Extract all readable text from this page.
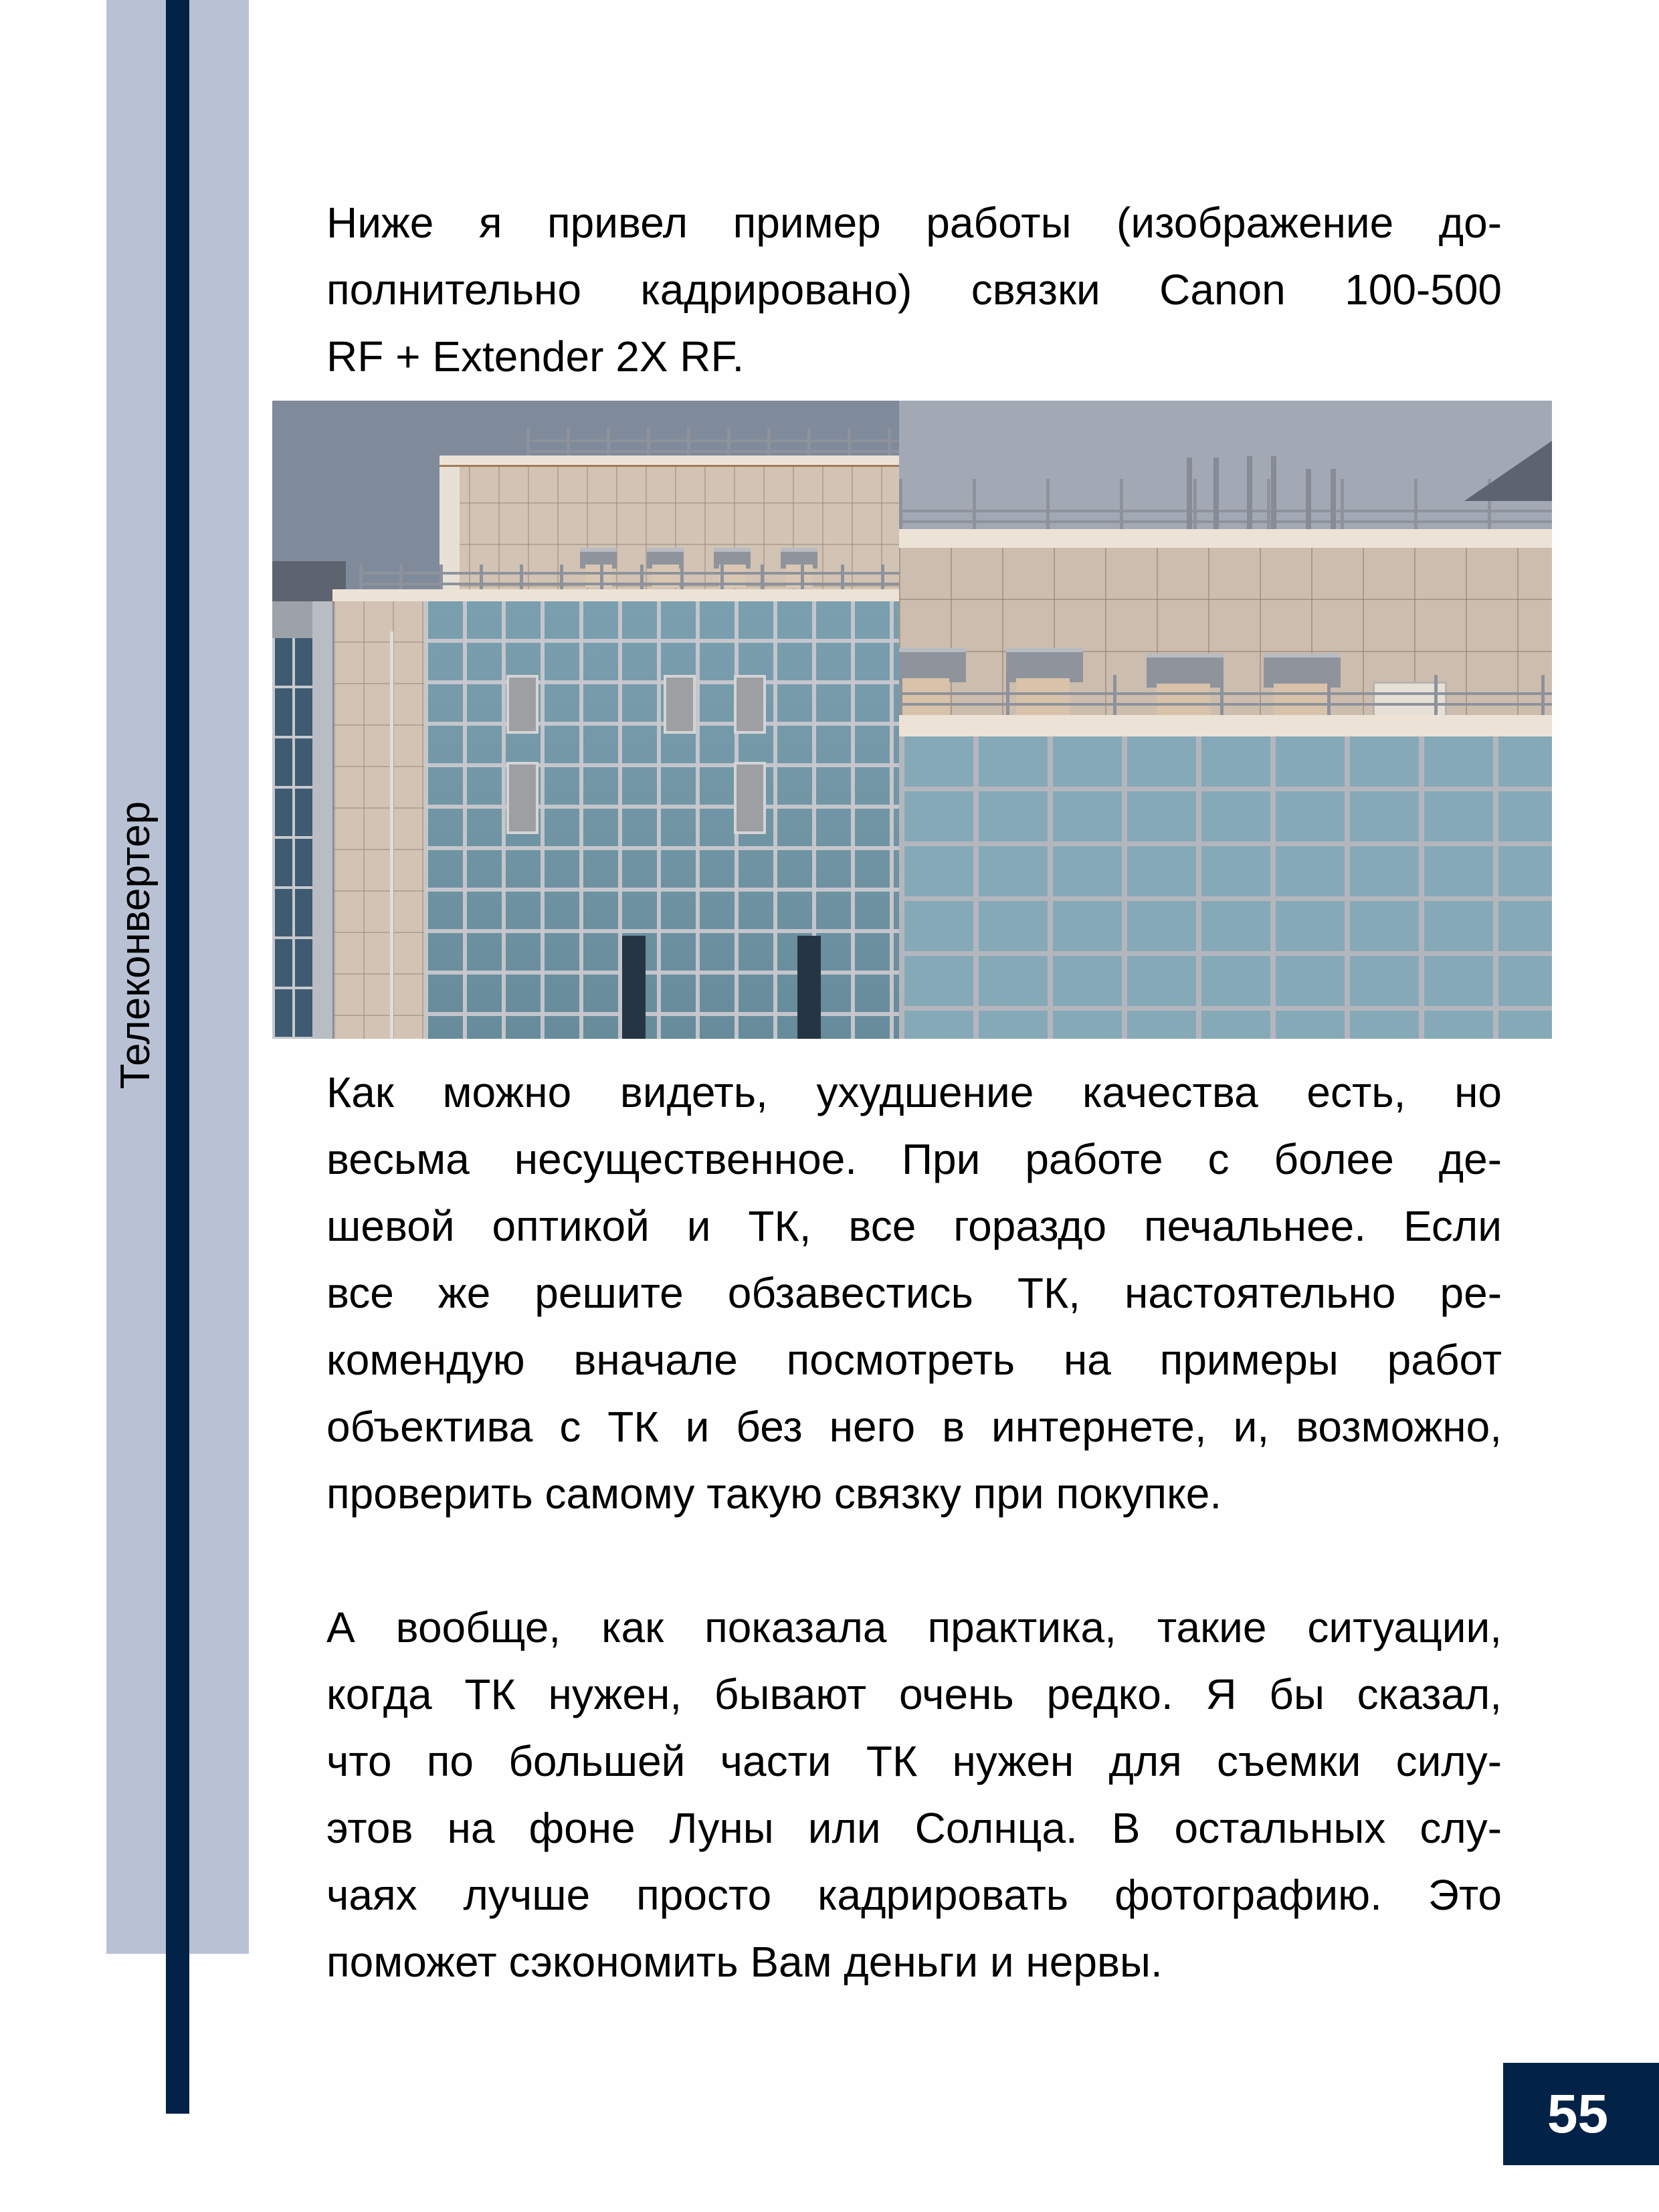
Телеконвертер
Ниже я привел пример работы (изображение до-
полнительно кадрировано) связки Canon 100-500
RF + Extender 2X RF.
Как можно видеть, ухудшение качества есть, но
весьма несущественное. При работе с более де-
шевой оптикой и ТК, все гораздо печальнее. Если
все же решите обзавестись ТК, настоятельно ре-
комендую вначале посмотреть на примеры работ
объектива с ТК и без него в интернете, и, возможно,
проверить самому такую связку при покупке.
А вообще, как показала практика, такие ситуации,
когда ТК нужен, бывают очень редко. Я бы сказал,
что по большей части ТК нужен для съемки силу-
этов на фоне Луны или Солнца. В остальных слу-
чаях лучше просто кадрировать фотографию. Это
поможет сэкономить Вам деньги и нервы.
55
